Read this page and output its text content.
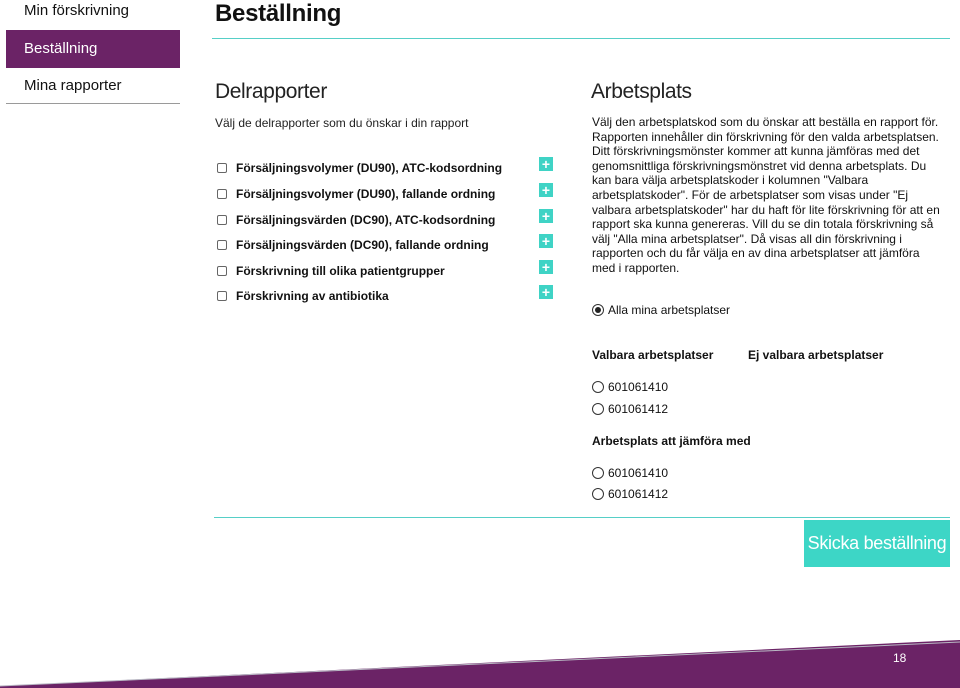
Min förskrivning
Beställning
Mina rapporter
Beställning
Delrapporter
Välj de delrapporter som du önskar i din rapport
Försäljningsvolymer (DU90), ATC-kodsordning	+
Försäljningsvolymer (DU90), fallande ordning	+
Försäljningsvärden (DC90), ATC-kodsordning	+
Försäljningsvärden (DC90), fallande ordning	+
Förskrivning till olika patientgrupper	+
Förskrivning av antibiotika	+
Arbetsplats
Välj den arbetsplatskod som du önskar att beställa en rapport för. Rapporten innehåller din förskrivning för den valda arbetsplatsen. Ditt förskrivningsmönster kommer att kunna jämföras med det genomsnittliga förskrivningsmönstret vid denna arbetsplats. Du kan bara välja arbetsplatskoder i kolumnen "Valbara arbetsplatskoder". För de arbetsplatser som visas under "Ej valbara arbetsplatskoder" har du haft för lite förskrivning för att en rapport ska kunna genereras. Vill du se din totala förskrivning så välj "Alla mina arbetsplatser". Då visas all din förskrivning i rapporten och du får välja en av dina arbetsplatser att jämföra med i rapporten.
Alla mina arbetsplatser
Valbara arbetsplatser	Ej valbara arbetsplatser
601061410
601061412
Arbetsplats att jämföra med
601061410
601061412
Skicka beställning
18
